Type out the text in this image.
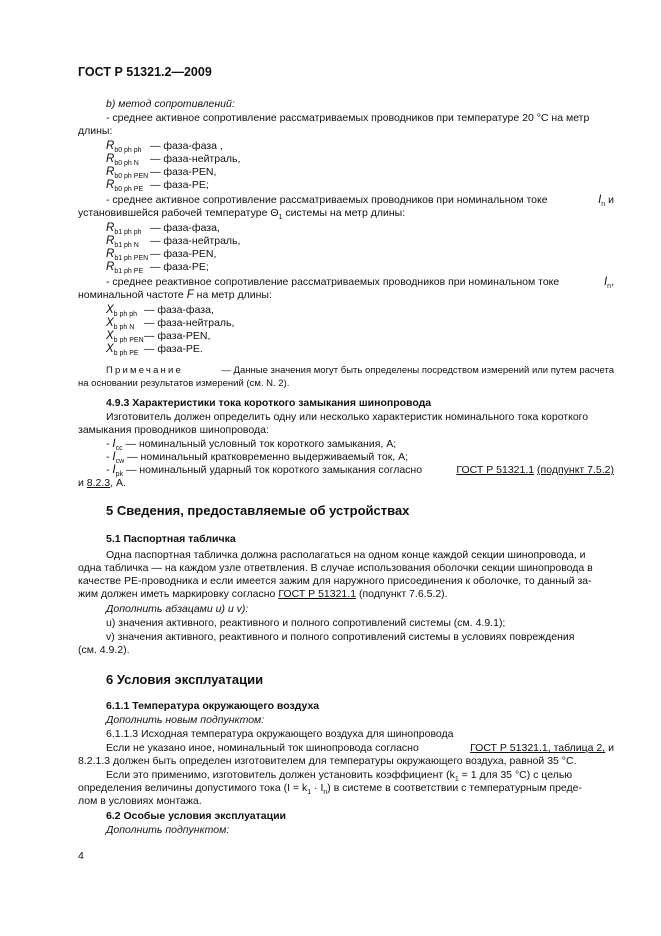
ГОСТ Р 51321.2—2009
b) метод сопротивлений:
- среднее активное сопротивление рассматриваемых проводников при температуре 20 °С на метр
длины:
$R_{b0 ph ph}$ — фаза-фаза ,
$R_{b0 ph N}$ — фаза-нейтраль,
$R_{b0 ph PEN}$ — фаза-PEN,
$R_{b0 ph PE}$ — фаза-PE;
- среднее активное сопротивление рассматриваемых проводников при номинальном токе	$I_n$ и
установившейся рабочей температуре $\Theta_1$ системы на метр длины:
$R_{b1 ph ph}$ — фаза-фаза,
$R_{b1 ph N}$ — фаза-нейтраль,
$R_{b1 ph PEN}$ — фаза-PEN,
$R_{b1 ph PE}$ — фаза-PE;
- среднее реактивное сопротивление рассматриваемых проводников при номинальном токе	$I_n$,
номинальной частоте F на метр длины:
$X_{b ph ph}$ — фаза-фаза,
$X_{b ph N}$ — фаза-нейтраль,
$X_{b ph PEN}$ — фаза-PEN,
$X_{b ph PE}$ — фаза-PE.
Примечание	— Данные значения могут быть определены посредством измерений или путем расчета
на основании результатов измерений (см. N. 2).
4.9.3 Характеристики тока короткого замыкания шинопровода
Изготовитель должен определить одну или несколько характеристик номинального тока короткого
замыкания проводников шинопровода:
- $I_{cc}$ — номинальный условный ток короткого замыкания, А;
- $I_{cw}$ — номинальный кратковременно выдерживаемый ток, А;
- $I_{pk}$ — номинальный ударный ток короткого замыкания согласно	ГОСТ Р 51321.1 (подпункт 7.5.2)
и 8.2.3, А.
5 Сведения, предоставляемые об устройствах
5.1 Паспортная табличка
Одна паспортная табличка должна располагаться на одном конце каждой секции шинопровода, и
одна табличка — на каждом узле ответвления. В случае использования оболочки секции шинопровода в
качестве PE-проводника и если имеется зажим для наружного присоединения к оболочке, то данный за-
жим должен иметь маркировку согласно ГОСТ Р 51321.1 (подпункт 7.6.5.2).
Дополнить абзацами u) и v):
u) значения активного, реактивного и полного сопротивлений системы (см. 4.9.1);
v) значения активного, реактивного и полного сопротивлений системы в условиях повреждения
(см. 4.9.2).
6 Условия эксплуатации
6.1.1 Температура окружающего воздуха
Дополнить новым подпунктом:
6.1.1.3 Исходная температура окружающего воздуха для шинопровода
Если не указано иное, номинальный ток шинопровода согласно	ГОСТ Р 51321.1, таблица 2, и
8.2.1.3 должен быть определен изготовителем для температуры окружающего воздуха, равной 35 °С.
Если это применимо, изготовитель должен установить коэффициент ($k_1 = 1$ для 35 °С) с целью
определения величины допустимого тока $(I = k_1 \cdot I_n)$ в системе в соответствии с температурным преде-
лом в условиях монтажа.
6.2 Особые условия эксплуатации
Дополнить подпунктом:
4
